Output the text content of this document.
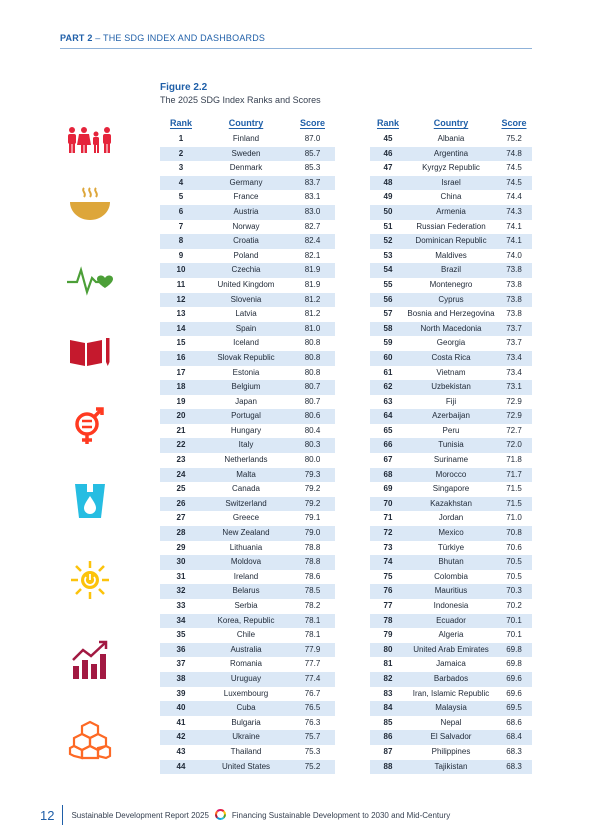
PART 2 – THE SDG INDEX AND DASHBOARDS
Figure 2.2
The 2025 SDG Index Ranks and Scores
Rank	Country	Score
1	Finland	87.0
2	Sweden	85.7
3	Denmark	85.3
4	Germany	83.7
5	France	83.1
6	Austria	83.0
7	Norway	82.7
8	Croatia	82.4
9	Poland	82.1
10	Czechia	81.9
11	United Kingdom	81.9
12	Slovenia	81.2
13	Latvia	81.2
14	Spain	81.0
15	Iceland	80.8
16	Slovak Republic	80.8
17	Estonia	80.8
18	Belgium	80.7
19	Japan	80.7
20	Portugal	80.6
21	Hungary	80.4
22	Italy	80.3
23	Netherlands	80.0
24	Malta	79.3
25	Canada	79.2
26	Switzerland	79.2
27	Greece	79.1
28	New Zealand	79.0
29	Lithuania	78.8
30	Moldova	78.8
31	Ireland	78.6
32	Belarus	78.5
33	Serbia	78.2
34	Korea, Republic	78.1
35	Chile	78.1
36	Australia	77.9
37	Romania	77.7
38	Uruguay	77.4
39	Luxembourg	76.7
40	Cuba	76.5
41	Bulgaria	76.3
42	Ukraine	75.7
43	Thailand	75.3
44	United States	75.2
Rank	Country	Score
45	Albania	75.2
46	Argentina	74.8
47	Kyrgyz Republic	74.5
48	Israel	74.5
49	China	74.4
50	Armenia	74.3
51	Russian Federation	74.1
52	Dominican Republic	74.1
53	Maldives	74.0
54	Brazil	73.8
55	Montenegro	73.8
56	Cyprus	73.8
57	Bosnia and Herzegovina	73.8
58	North Macedonia	73.7
59	Georgia	73.7
60	Costa Rica	73.4
61	Vietnam	73.4
62	Uzbekistan	73.1
63	Fiji	72.9
64	Azerbaijan	72.9
65	Peru	72.7
66	Tunisia	72.0
67	Suriname	71.8
68	Morocco	71.7
69	Singapore	71.5
70	Kazakhstan	71.5
71	Jordan	71.0
72	Mexico	70.8
73	Türkiye	70.6
74	Bhutan	70.5
75	Colombia	70.5
76	Mauritius	70.3
77	Indonesia	70.2
78	Ecuador	70.1
79	Algeria	70.1
80	United Arab Emirates	69.8
81	Jamaica	69.8
82	Barbados	69.6
83	Iran, Islamic Republic	69.6
84	Malaysia	69.5
85	Nepal	68.6
86	El Salvador	68.4
87	Philippines	68.3
88	Tajikistan	68.3
12 Sustainable Development Report 2025	Financing Sustainable Development to 2030 and Mid-Century
